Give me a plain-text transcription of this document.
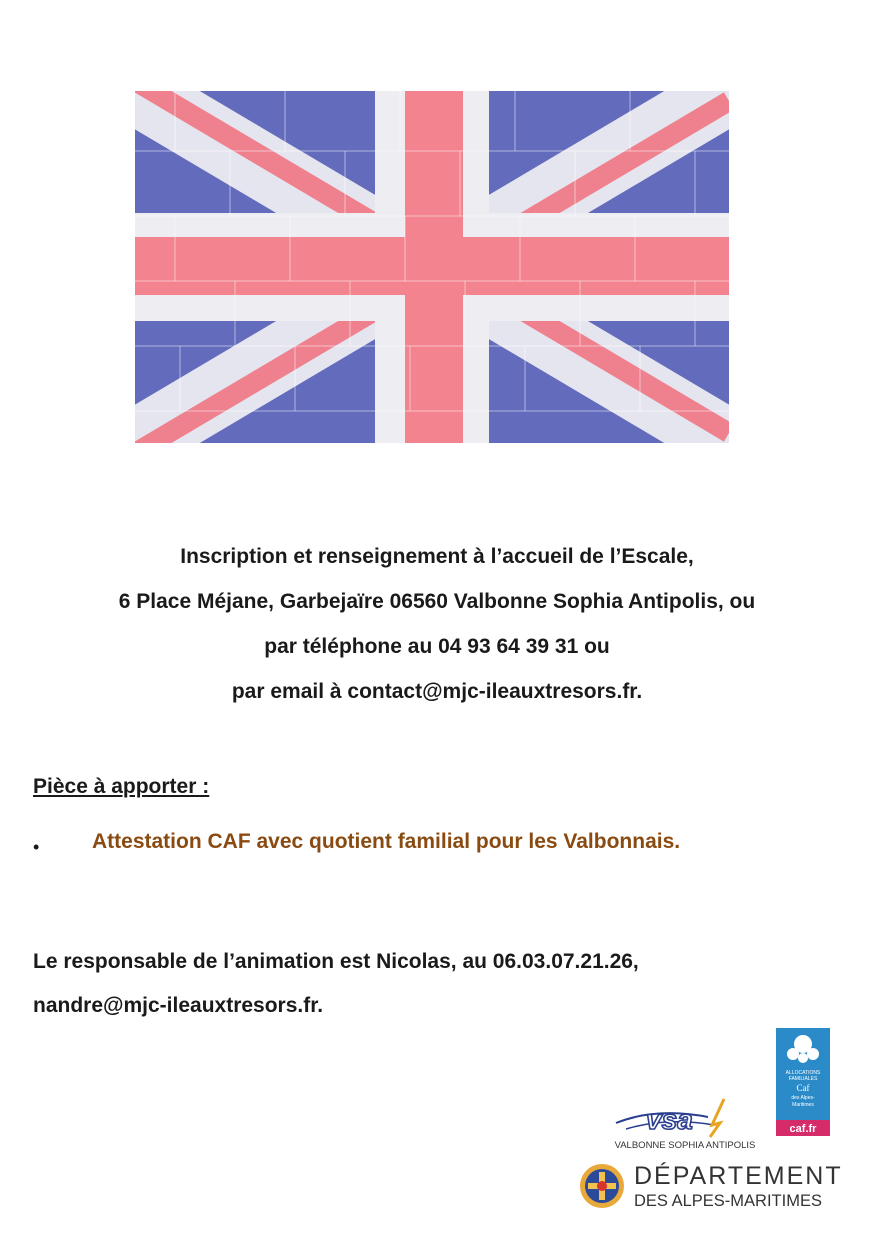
Inscription et renseignement à l’accueil de l’Escale,
6 Place Méjane, Garbejaïre 06560 Valbonne Sophia Antipolis, ou
par téléphone au 04 93 64 39 31 ou
par email à contact@mjc-ileauxtresors.fr.
Pièce à apporter :
•	Attestation CAF avec quotient familial pour les Valbonnais.
Le responsable de l’animation est Nicolas, au 06.03.07.21.26,
nandre@mjc-ileauxtresors.fr.
vsa
VALBONNE SOPHIA ANTIPOLIS
ALLOCATIONS
FAMILIALES
Caf
des Alpes-
Maritimes
caf.fr
DÉPARTEMENT
DES ALPES-MARITIMES
